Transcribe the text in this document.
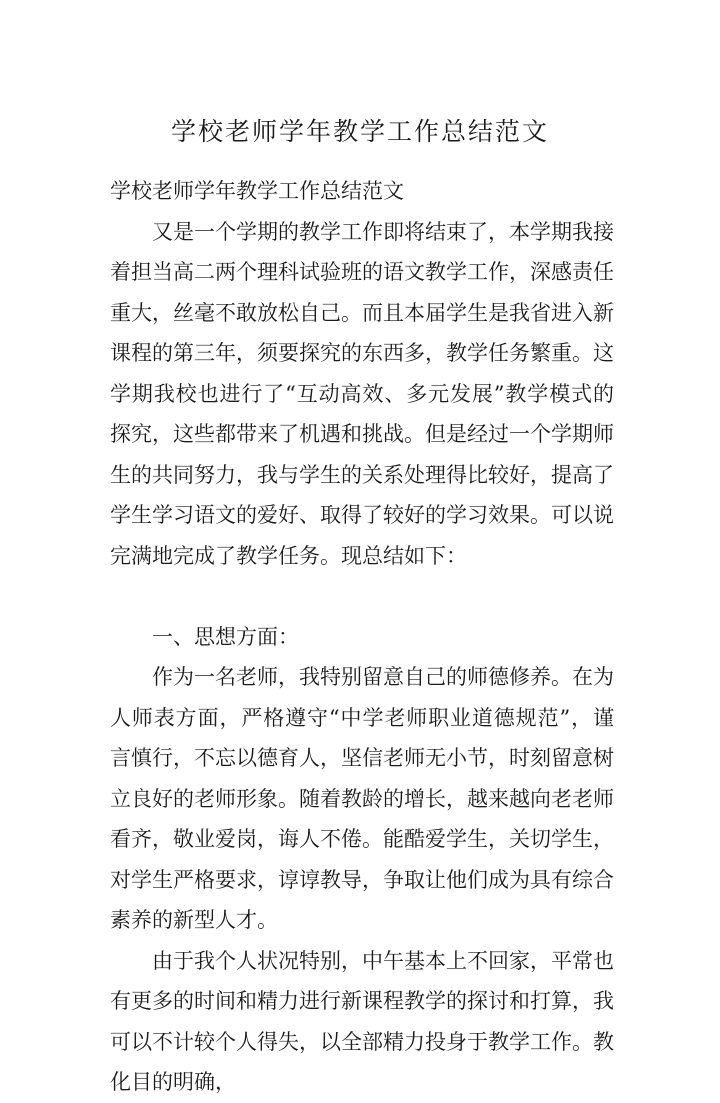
学校老师学年教学工作总结范文

学校老师学年教学工作总结范文

又是一个学期的教学工作即将结束了，本学期我接着担当高二两个理科试验班的语文教学工作，深感责任重大，丝毫不敢放松自己。而且本届学生是我省进入新课程的第三年，须要探究的东西多，教学任务繁重。这学期我校也进行了“互动高效、多元发展”教学模式的探究，这些都带来了机遇和挑战。但是经过一个学期师生的共同努力，我与学生的关系处理得比较好，提高了学生学习语文的爱好、取得了较好的学习效果。可以说完满地完成了教学任务。现总结如下：

一、思想方面：

作为一名老师，我特别留意自己的师德修养。在为人师表方面，严格遵守“中学老师职业道德规范”，谨言慎行，不忘以德育人，坚信老师无小节，时刻留意树立良好的老师形象。随着教龄的增长，越来越向老老师看齐，敬业爱岗，诲人不倦。能酷爱学生，关切学生，对学生严格要求，谆谆教导，争取让他们成为具有综合素养的新型人才。

由于我个人状况特别，中午基本上不回家，平常也有更多的时间和精力进行新课程教学的探讨和打算，我可以不计较个人得失，以全部精力投身于教学工作。教化目的明确，
